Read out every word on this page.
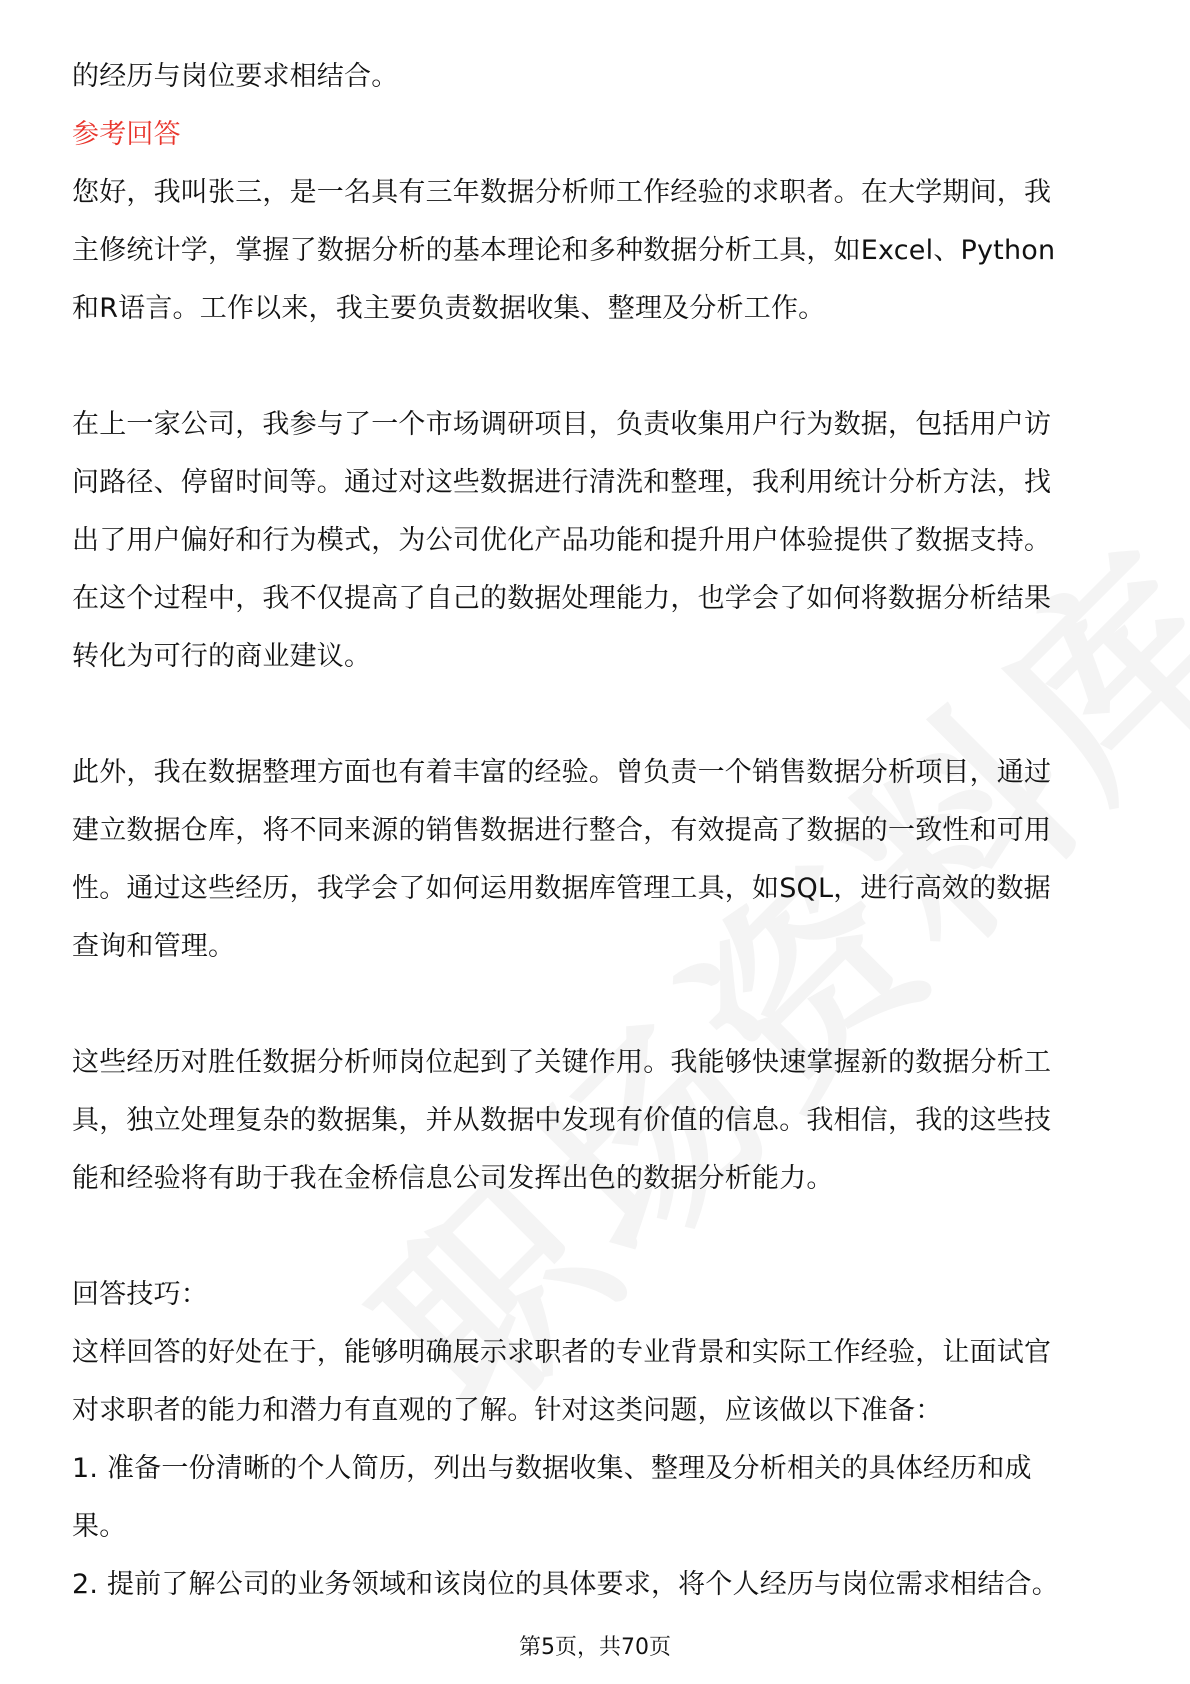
的经历与岗位要求相结合。
参考回答
您好，我叫张三，是一名具有三年数据分析师工作经验的求职者。在大学期间，我
主修统计学，掌握了数据分析的基本理论和多种数据分析工具，如Excel、Python
和R语言。工作以来，我主要负责数据收集、整理及分析工作。
在上一家公司，我参与了一个市场调研项目，负责收集用户行为数据，包括用户访
问路径、停留时间等。通过对这些数据进行清洗和整理，我利用统计分析方法，找
出了用户偏好和行为模式，为公司优化产品功能和提升用户体验提供了数据支持。
在这个过程中，我不仅提高了自己的数据处理能力，也学会了如何将数据分析结果
转化为可行的商业建议。
此外，我在数据整理方面也有着丰富的经验。曾负责一个销售数据分析项目，通过
建立数据仓库，将不同来源的销售数据进行整合，有效提高了数据的一致性和可用
性。通过这些经历，我学会了如何运用数据库管理工具，如SQL，进行高效的数据
查询和管理。
这些经历对胜任数据分析师岗位起到了关键作用。我能够快速掌握新的数据分析工
具，独立处理复杂的数据集，并从数据中发现有价值的信息。我相信，我的这些技
能和经验将有助于我在金桥信息公司发挥出色的数据分析能力。
回答技巧：
这样回答的好处在于，能够明确展示求职者的专业背景和实际工作经验，让面试官
对求职者的能力和潜力有直观的了解。针对这类问题，应该做以下准备：
1. 准备一份清晰的个人简历，列出与数据收集、整理及分析相关的具体经历和成
果。
2. 提前了解公司的业务领域和该岗位的具体要求，将个人经历与岗位需求相结合。
第5页，共70页
